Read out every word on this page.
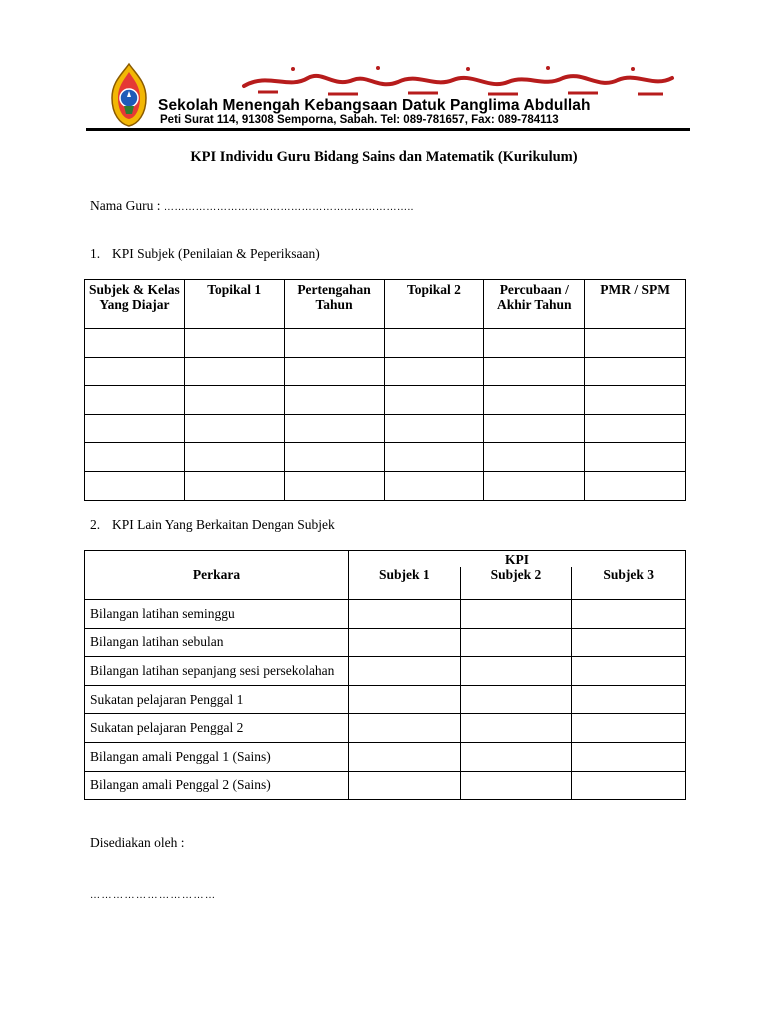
Sekolah Menengah Kebangsaan Datuk Panglima Abdullah
Peti Surat 114, 91308 Semporna, Sabah. Tel: 089-781657, Fax: 089-784113
KPI Individu Guru Bidang Sains dan Matematik (Kurikulum)
Nama Guru : ……………………………………………………………..
1. KPI Subjek (Penilaian & Peperiksaan)
Subjek & Kelas Yang Diajar	Topikal 1	Pertengahan Tahun	Topikal 2	Percubaan / Akhir Tahun	PMR / SPM

2. KPI Lain Yang Berkaitan Dengan Subjek
Perkara	KPI		
	Subjek 1	Subjek 2	Subjek 3
Bilangan latihan seminggu			
Bilangan latihan sebulan			
Bilangan latihan sepanjang sesi persekolahan			
Sukatan pelajaran Penggal 1			
Sukatan pelajaran Penggal 2			
Bilangan amali Penggal 1 (Sains)			
Bilangan amali Penggal 2 (Sains)			
Disediakan oleh :
……………………………
